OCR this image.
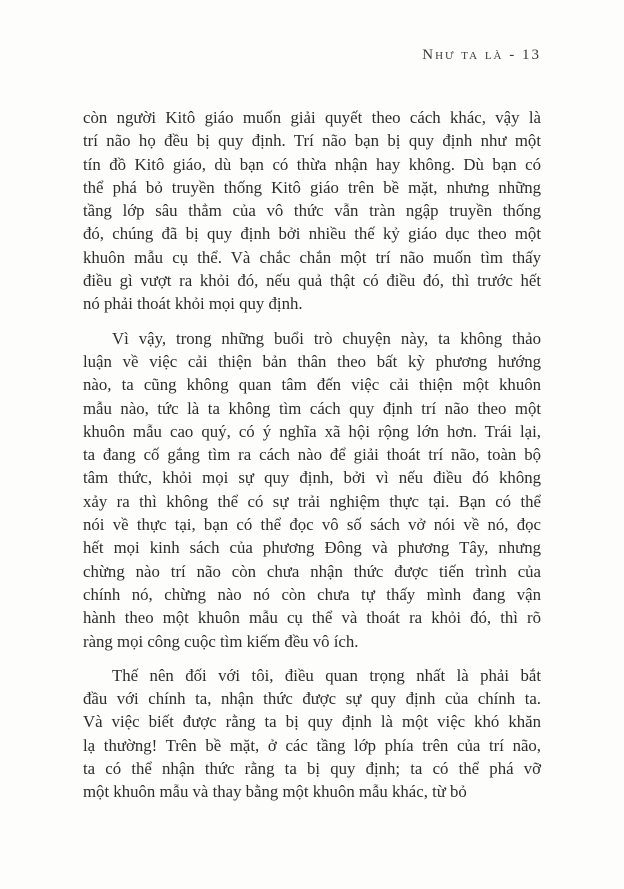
Như ta là - 13
còn người Kitô giáo muốn giải quyết theo cách khác, vậy là
trí não họ đều bị quy định. Trí não bạn bị quy định như một
tín đồ Kitô giáo, dù bạn có thừa nhận hay không. Dù bạn có
thể phá bỏ truyền thống Kitô giáo trên bề mặt, nhưng những
tầng lớp sâu thẳm của vô thức vẫn tràn ngập truyền thống
đó, chúng đã bị quy định bởi nhiều thế kỷ giáo dục theo một
khuôn mẫu cụ thể. Và chắc chắn một trí não muốn tìm thấy
điều gì vượt ra khỏi đó, nếu quả thật có điều đó, thì trước hết
nó phải thoát khỏi mọi quy định.
Vì vậy, trong những buổi trò chuyện này, ta không thảo
luận về việc cải thiện bản thân theo bất kỳ phương hướng
nào, ta cũng không quan tâm đến việc cải thiện một khuôn
mẫu nào, tức là ta không tìm cách quy định trí não theo một
khuôn mẫu cao quý, có ý nghĩa xã hội rộng lớn hơn. Trái lại,
ta đang cố gắng tìm ra cách nào để giải thoát trí não, toàn bộ
tâm thức, khỏi mọi sự quy định, bởi vì nếu điều đó không
xảy ra thì không thể có sự trải nghiệm thực tại. Bạn có thể
nói về thực tại, bạn có thể đọc vô số sách vở nói về nó, đọc
hết mọi kinh sách của phương Đông và phương Tây, nhưng
chừng nào trí não còn chưa nhận thức được tiến trình của
chính nó, chừng nào nó còn chưa tự thấy mình đang vận
hành theo một khuôn mẫu cụ thể và thoát ra khỏi đó, thì rõ
ràng mọi công cuộc tìm kiếm đều vô ích.
Thế nên đối với tôi, điều quan trọng nhất là phải bắt
đầu với chính ta, nhận thức được sự quy định của chính ta.
Và việc biết được rằng ta bị quy định là một việc khó khăn
lạ thường! Trên bề mặt, ở các tầng lớp phía trên của trí não,
ta có thể nhận thức rằng ta bị quy định; ta có thể phá vỡ
một khuôn mẫu và thay bằng một khuôn mẫu khác, từ bỏ
